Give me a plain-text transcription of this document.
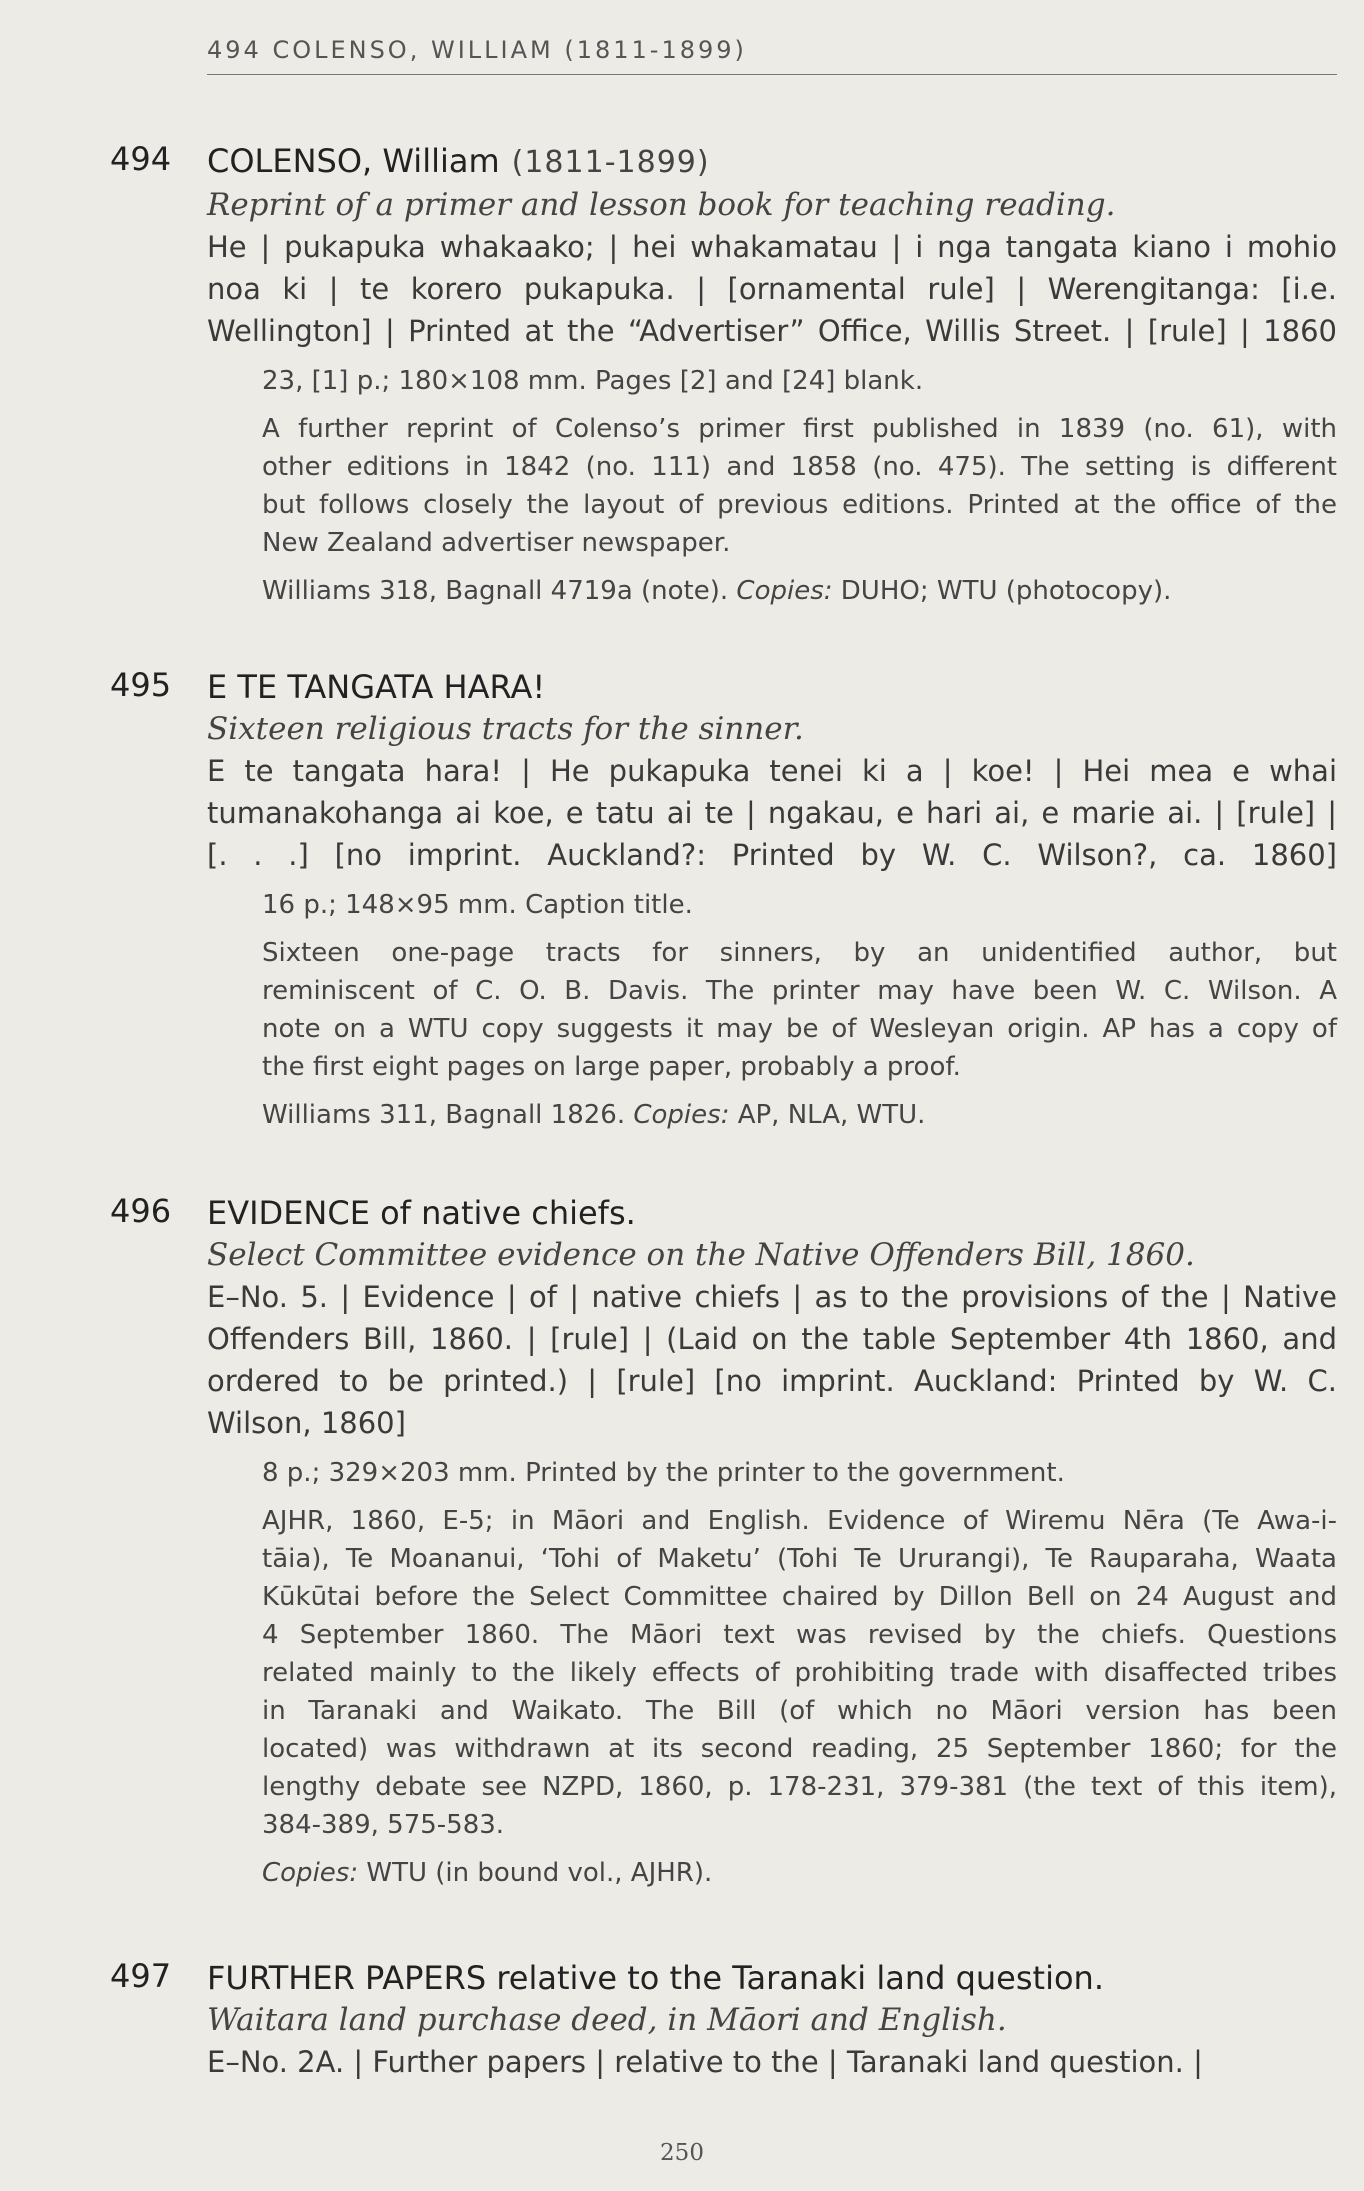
494 COLENSO, WILLIAM (1811-1899)
494 COLENSO, William (1811-1899)
Reprint of a primer and lesson book for teaching reading.
He | pukapuka whakaako; | hei whakamatau | i nga tangata kiano i mohio
noa ki | te korero pukapuka. | [ornamental rule] | Werengitanga: [i.e.
Wellington] | Printed at the “Advertiser” Office, Willis Street. | [rule] | 1860
23, [1] p.; 180×108 mm. Pages [2] and [24] blank.
A further reprint of Colenso’s primer first published in 1839 (no. 61), with
other editions in 1842 (no. 111) and 1858 (no. 475). The setting is different
but follows closely the layout of previous editions. Printed at the office of the
New Zealand advertiser newspaper.
Williams 318, Bagnall 4719a (note). Copies: DUHO; WTU (photocopy).
495 E TE TANGATA HARA!
Sixteen religious tracts for the sinner.
E te tangata hara! | He pukapuka tenei ki a | koe! | Hei mea e whai
tumanakohanga ai koe, e tatu ai te | ngakau, e hari ai, e marie ai. | [rule] |
[. . .] [no imprint. Auckland?: Printed by W. C. Wilson?, ca. 1860]
16 p.; 148×95 mm. Caption title.
Sixteen one-page tracts for sinners, by an unidentified author, but
reminiscent of C. O. B. Davis. The printer may have been W. C. Wilson. A
note on a WTU copy suggests it may be of Wesleyan origin. AP has a copy of
the first eight pages on large paper, probably a proof.
Williams 311, Bagnall 1826. Copies: AP, NLA, WTU.
496 EVIDENCE of native chiefs.
Select Committee evidence on the Native Offenders Bill, 1860.
E–No. 5. | Evidence | of | native chiefs | as to the provisions of the | Native
Offenders Bill, 1860. | [rule] | (Laid on the table September 4th 1860, and
ordered to be printed.) | [rule] [no imprint. Auckland: Printed by W. C.
Wilson, 1860]
8 p.; 329×203 mm. Printed by the printer to the government.
AJHR, 1860, E-5; in Māori and English. Evidence of Wiremu Nēra (Te Awa-i-
tāia), Te Moananui, ‘Tohi of Maketu’ (Tohi Te Ururangi), Te Rauparaha, Waata
Kūkūtai before the Select Committee chaired by Dillon Bell on 24 August and
4 September 1860. The Māori text was revised by the chiefs. Questions
related mainly to the likely effects of prohibiting trade with disaffected tribes
in Taranaki and Waikato. The Bill (of which no Māori version has been
located) was withdrawn at its second reading, 25 September 1860; for the
lengthy debate see NZPD, 1860, p. 178-231, 379-381 (the text of this item),
384-389, 575-583.
Copies: WTU (in bound vol., AJHR).
497 FURTHER PAPERS relative to the Taranaki land question.
Waitara land purchase deed, in Māori and English.
E–No. 2A. | Further papers | relative to the | Taranaki land question. |
250
